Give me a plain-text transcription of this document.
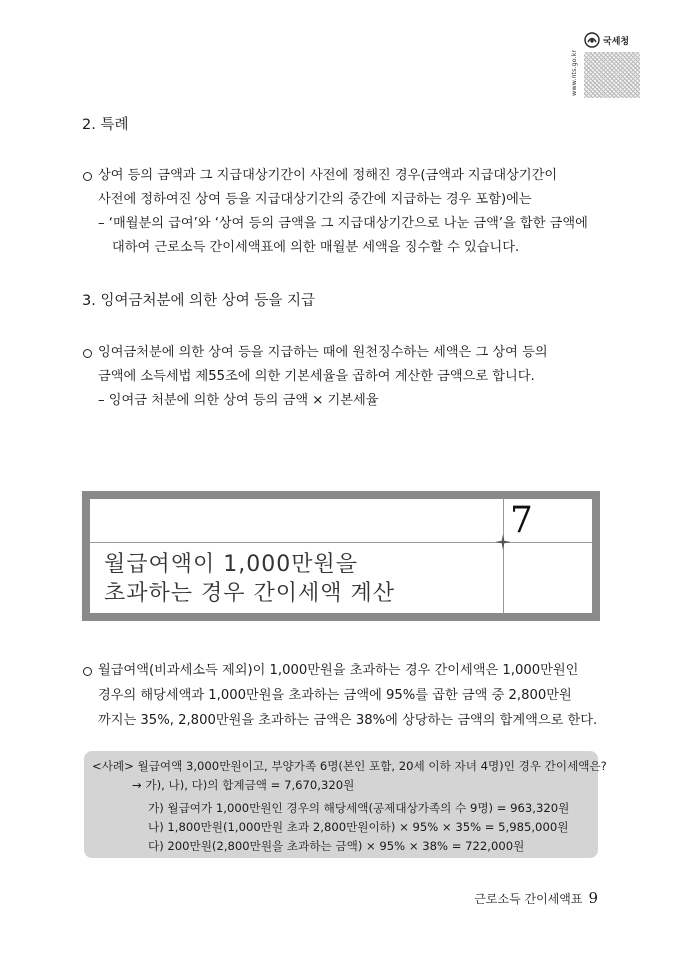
www.nts.go.kr
국세청
2. 특례
상여 등의 금액과 그 지급대상기간이 사전에 정해진 경우(금액과 지급대상기간이
사전에 정하여진 상여 등을 지급대상기간의 중간에 지급하는 경우 포함)에는
– ‘매월분의 급여’와 ‘상여 등의 금액을 그 지급대상기간으로 나눈 금액’을 합한 금액에
대하여 근로소득 간이세액표에 의한 매월분 세액을 징수할 수 있습니다.
3. 잉여금처분에 의한 상여 등을 지급
잉여금처분에 의한 상여 등을 지급하는 때에 원천징수하는 세액은 그 상여 등의
금액에 소득세법 제55조에 의한 기본세율을 곱하여 계산한 금액으로 합니다.
– 잉여금 처분에 의한 상여 등의 금액 × 기본세율
7
월급여액이 1,000만원을
초과하는 경우 간이세액 계산
월급여액(비과세소득 제외)이 1,000만원을 초과하는 경우 간이세액은 1,000만원인
경우의 해당세액과 1,000만원을 초과하는 금액에 95%를 곱한 금액 중 2,800만원
까지는 35%, 2,800만원을 초과하는 금액은 38%에 상당하는 금액의 합계액으로 한다.
<사례> 월급여액 3,000만원이고, 부양가족 6명(본인 포함, 20세 이하 자녀 4명)인 경우 간이세액은?
→ 가), 나), 다)의 합계금액 = 7,670,320원
가) 월급여가 1,000만원인 경우의 해당세액(공제대상가족의 수 9명) = 963,320원
나) 1,800만원(1,000만원 초과 2,800만원이하) × 95% × 35% = 5,985,000원
다) 200만원(2,800만원을 초과하는 금액) × 95% × 38% = 722,000원
근로소득 간이세액표 9
